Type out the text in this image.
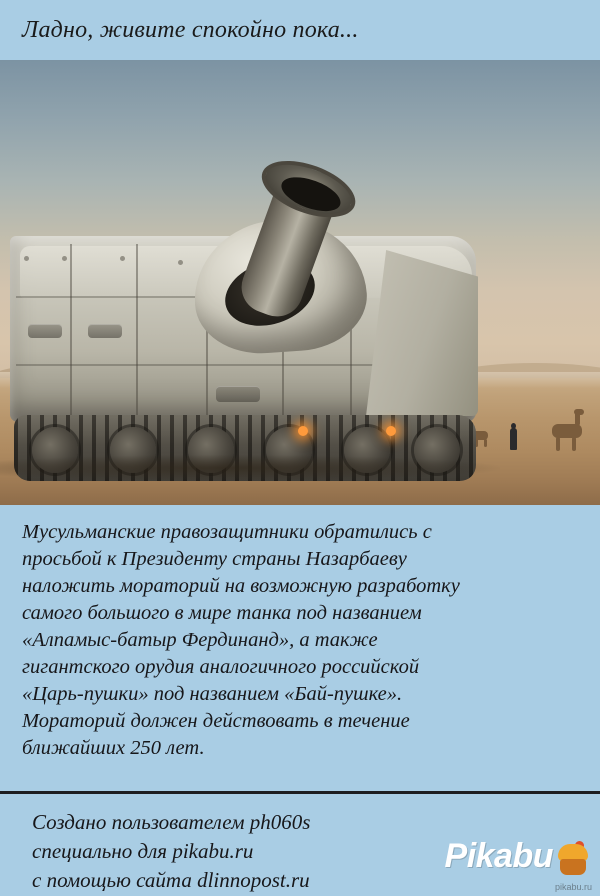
Ладно, живите спокойно пока...

Мусульманские правозащитники обратились с

просьбой к Президенту страны Назарбаеву

наложить мораторий на возможную разработку

самого большого в мире танка под названием

«Алпамыс-батыр Фердинанд», а также

гигантского орудия аналогичного российской

«Царь-пушки» под названием «Бай-пушке».

Мораторий должен действовать в течение

ближайших 250 лет.

Создано пользователем ph060s

специально для pikabu.ru

с помощью сайта dlinnopost.ru

Pikabu
pikabu.ru
